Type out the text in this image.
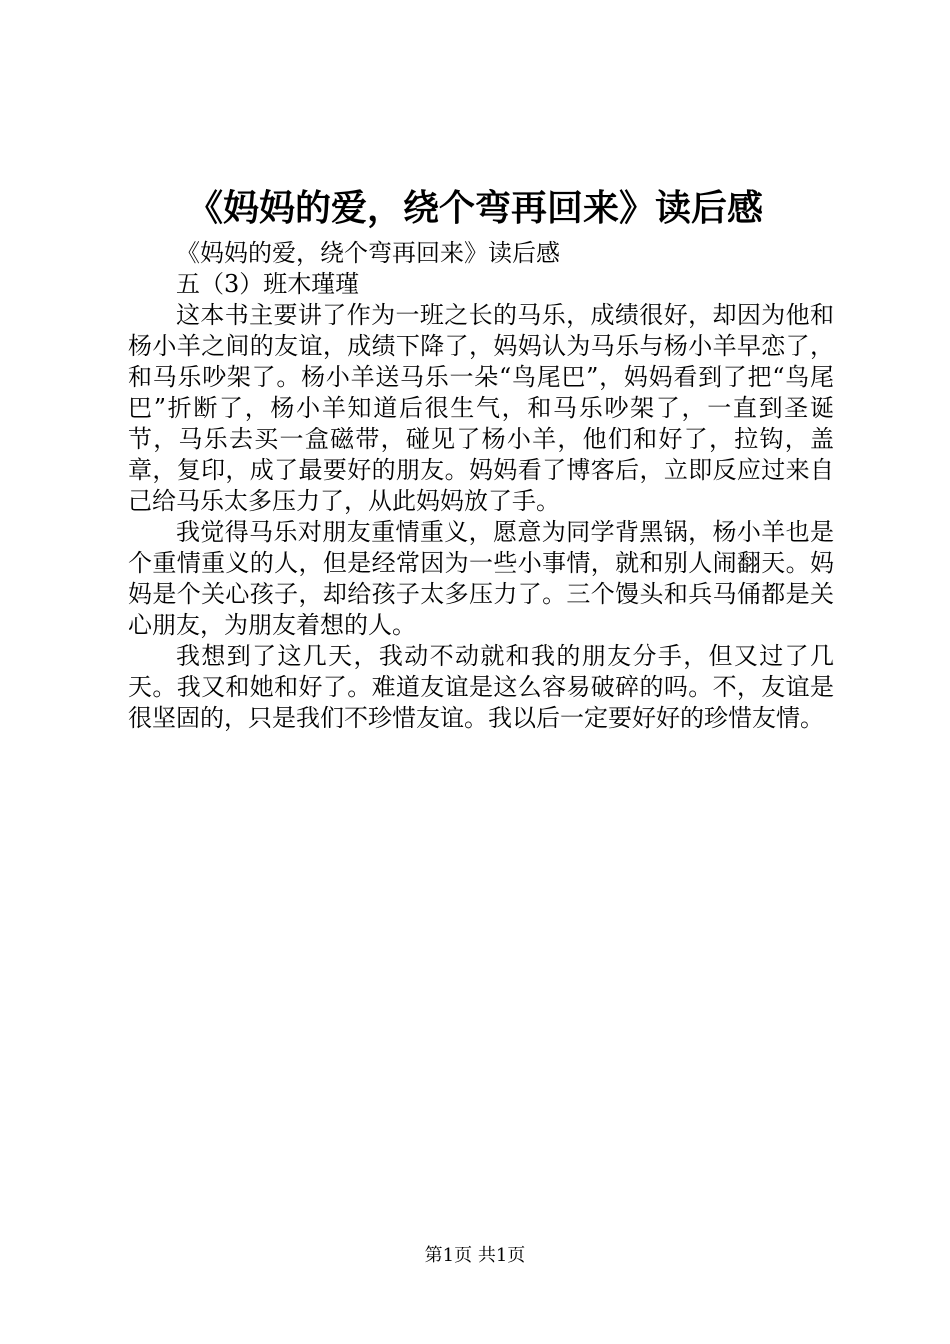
《妈妈的爱，绕个弯再回来》读后感

《妈妈的爱，绕个弯再回来》读后感

五（3）班木瑾瑾

这本书主要讲了作为一班之长的马乐，成绩很好，却因为他和杨小羊之间的友谊，成绩下降了，妈妈认为马乐与杨小羊早恋了，和马乐吵架了。杨小羊送马乐一朵“鸟尾巴”，妈妈看到了把“鸟尾巴”折断了，杨小羊知道后很生气，和马乐吵架了，一直到圣诞节，马乐去买一盒磁带，碰见了杨小羊，他们和好了，拉钩，盖章，复印，成了最要好的朋友。妈妈看了博客后，立即反应过来自己给马乐太多压力了，从此妈妈放了手。

我觉得马乐对朋友重情重义，愿意为同学背黑锅，杨小羊也是个重情重义的人，但是经常因为一些小事情，就和别人闹翻天。妈妈是个关心孩子，却给孩子太多压力了。三个馒头和兵马俑都是关心朋友，为朋友着想的人。

我想到了这几天，我动不动就和我的朋友分手，但又过了几天。我又和她和好了。难道友谊是这么容易破碎的吗。不，友谊是很坚固的，只是我们不珍惜友谊。我以后一定要好好的珍惜友情。

第1页 共1页
